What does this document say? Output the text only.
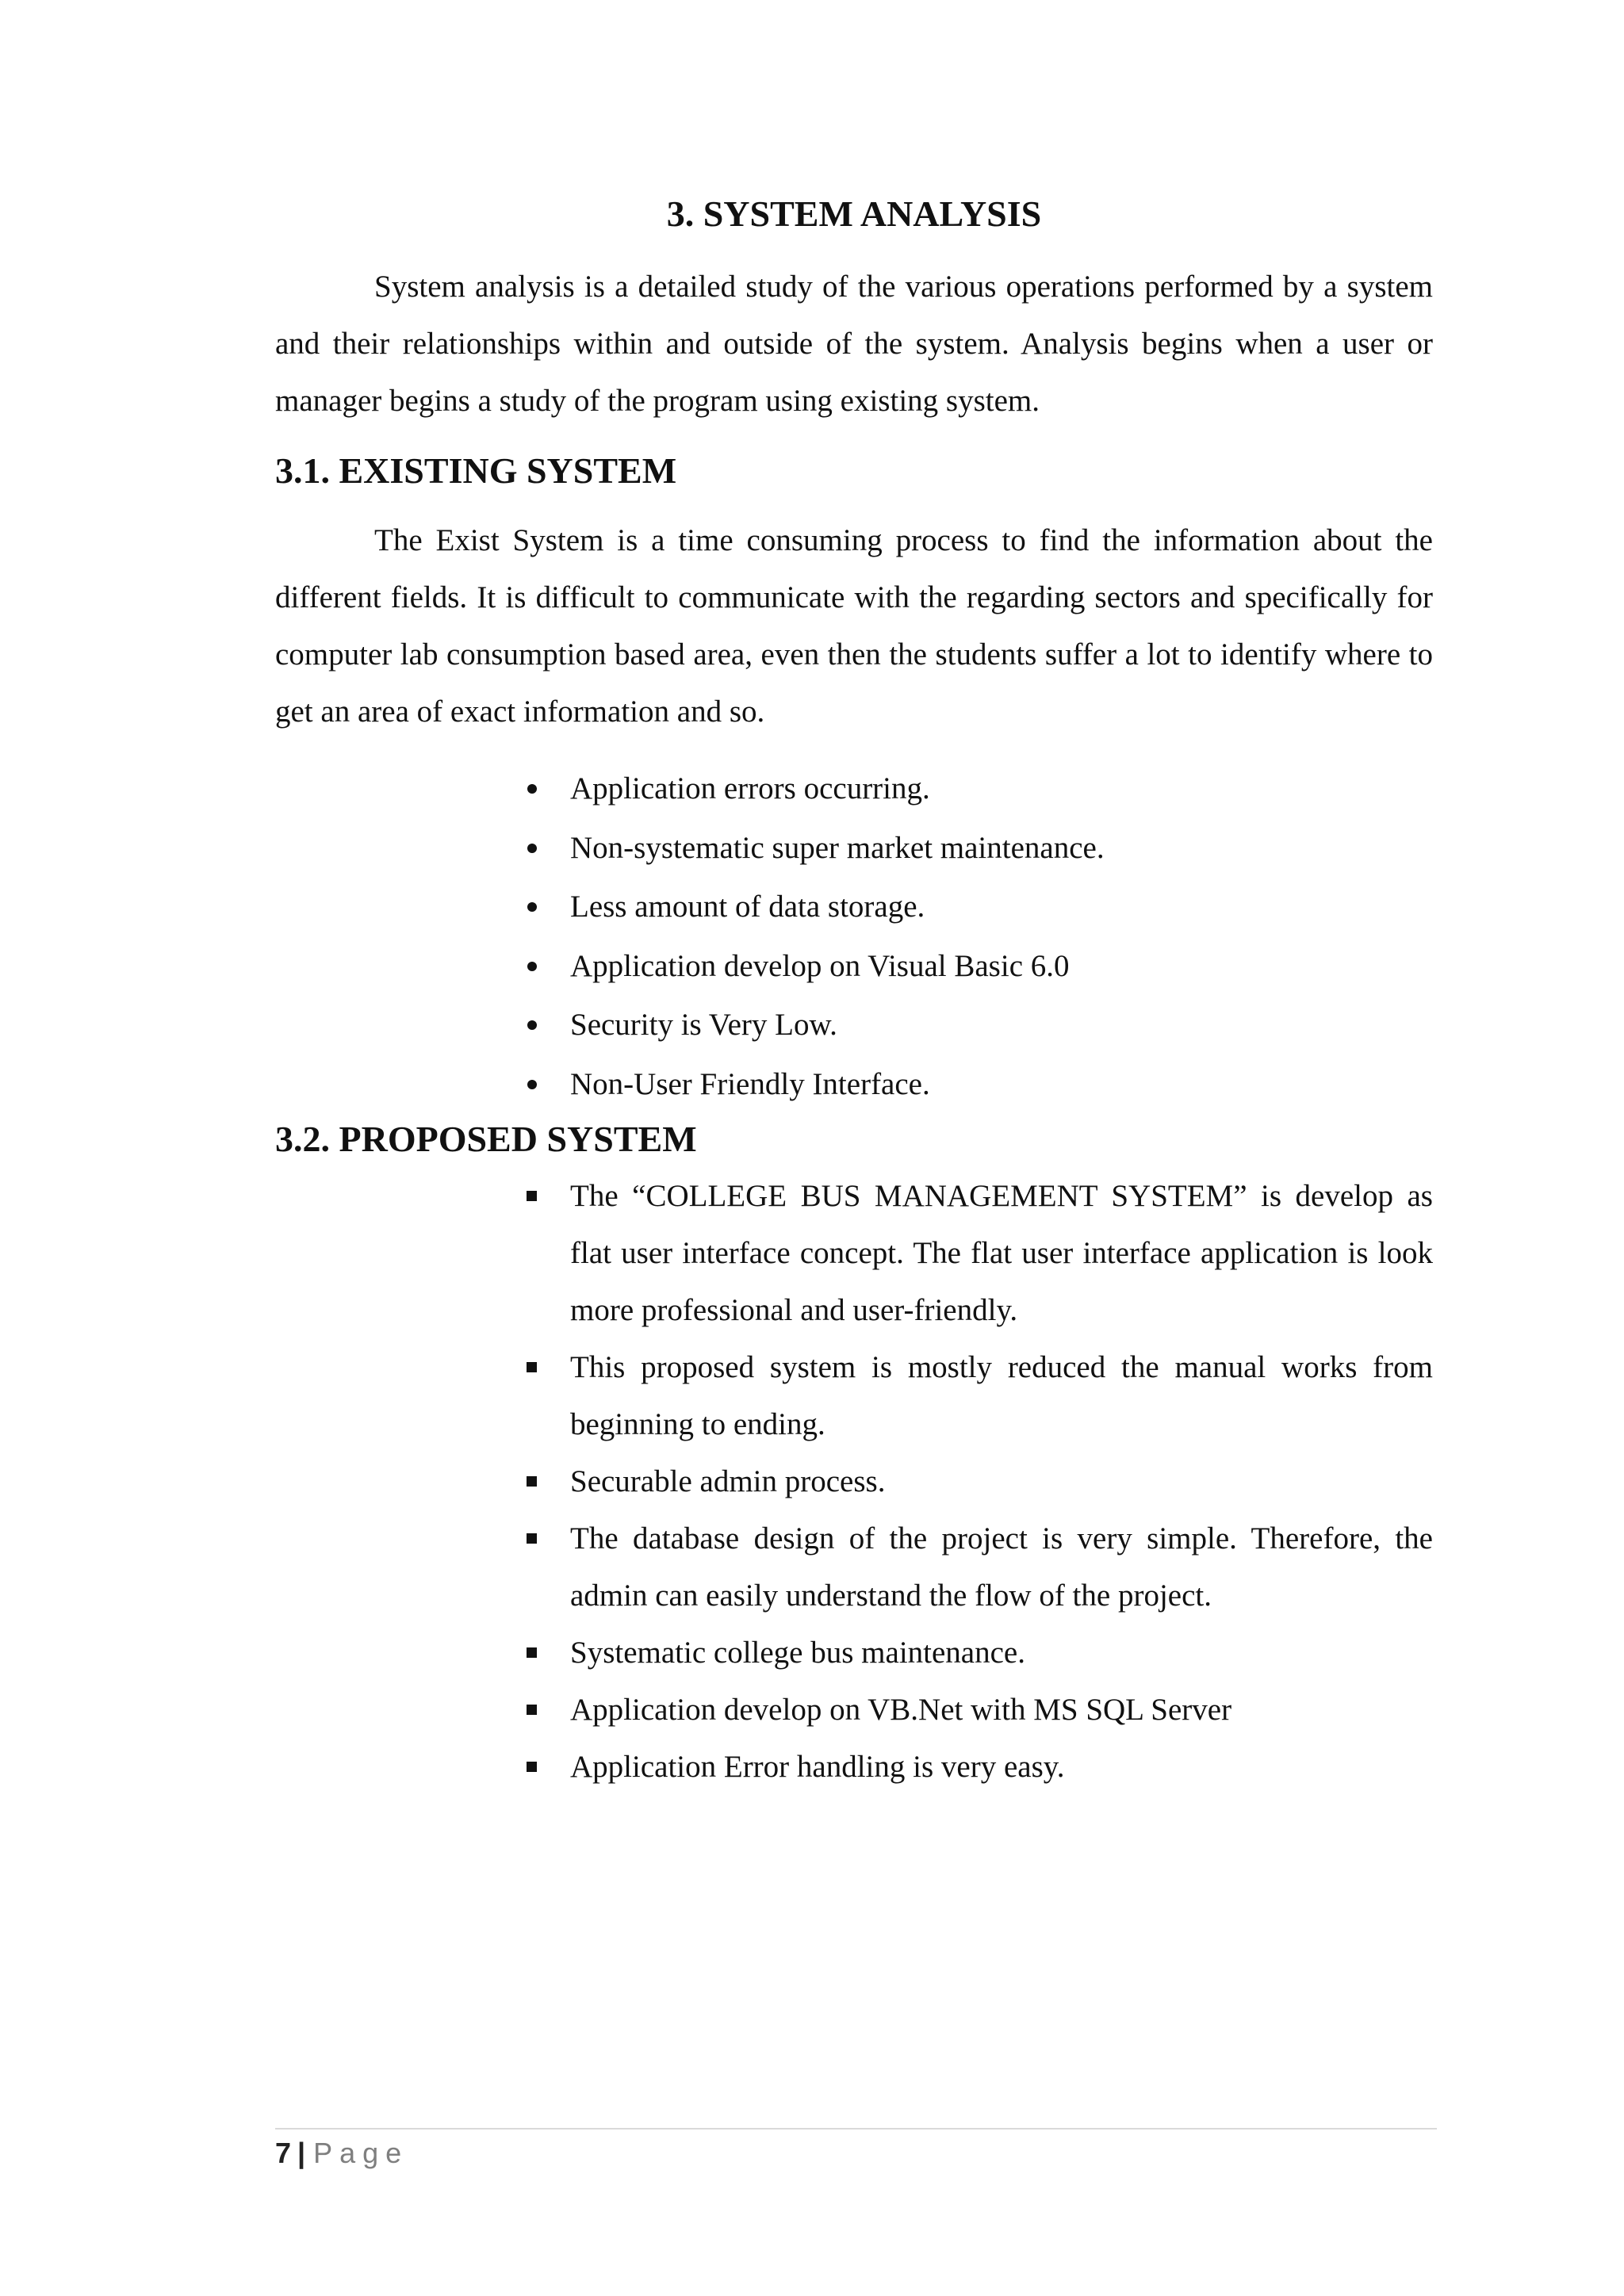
3. SYSTEM ANALYSIS

System analysis is a detailed study of the various operations performed by a system and their relationships within and outside of the system. Analysis begins when a user or manager begins a study of the program using existing system.

3.1. EXISTING SYSTEM

The Exist System is a time consuming process to find the information about the different fields. It is difficult to communicate with the regarding sectors and specifically for computer lab consumption based area, even then the students suffer a lot to identify where to get an area of exact information and so.

Application errors occurring.
Non-systematic super market maintenance.
Less amount of data storage.
Application develop on Visual Basic 6.0
Security is Very Low.
Non-User Friendly Interface.
3.2. PROPOSED SYSTEM
The “COLLEGE BUS MANAGEMENT SYSTEM” is develop as flat user interface concept. The flat user interface application is look more professional and user-friendly.
This proposed system is mostly reduced the manual works from beginning to ending.
Securable admin process.
The database design of the project is very simple. Therefore, the admin can easily understand the flow of the project.
Systematic college bus maintenance.
Application develop on VB.Net with MS SQL Server
Application Error handling is very easy.
7 | Page
